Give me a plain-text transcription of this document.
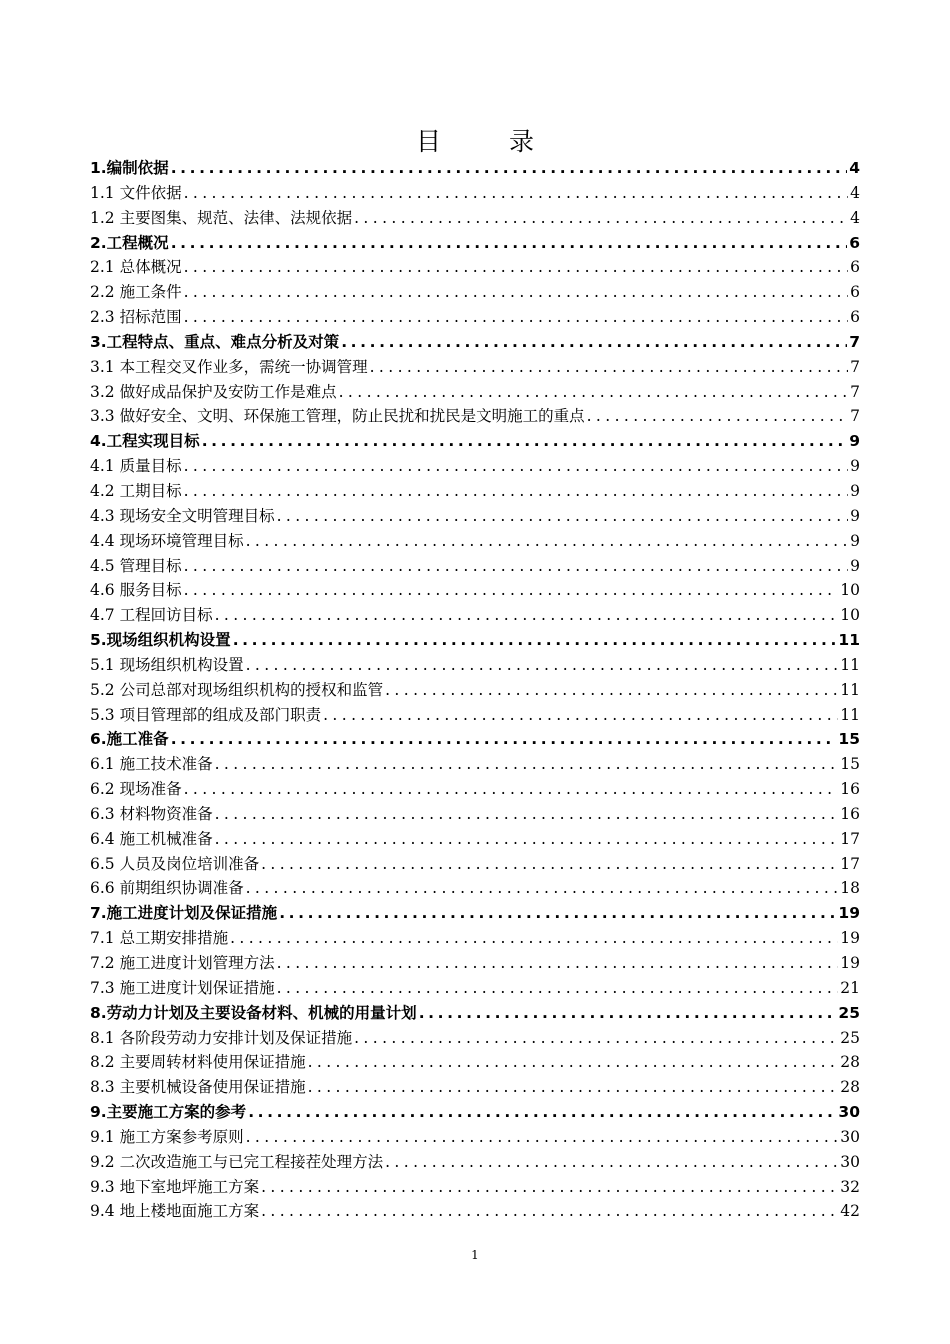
目 录
1.编制依据 .....	4
1.1 文件依据 .....	4
1.2 主要图集、规范、法律、法规依据 .....	4
2.工程概况 .....	6
2.1 总体概况 .....	6
2.2 施工条件 .....	6
2.3 招标范围 .....	6
3.工程特点、重点、难点分析及对策 .....	7
3.1 本工程交叉作业多，需统一协调管理 .....	7
3.2 做好成品保护及安防工作是难点 .....	7
3.3 做好安全、文明、环保施工管理，防止民扰和扰民是文明施工的重点 .....	7
4.工程实现目标 .....	9
4.1 质量目标 .....	9
4.2 工期目标 .....	9
4.3 现场安全文明管理目标 .....	9
4.4 现场环境管理目标 .....	9
4.5 管理目标 .....	9
4.6 服务目标 .....	10
4.7 工程回访目标 .....	10
5.现场组织机构设置 .....	11
5.1 现场组织机构设置 .....	11
5.2 公司总部对现场组织机构的授权和监管 .....	11
5.3 项目管理部的组成及部门职责 .....	11
6.施工准备 .....	15
6.1 施工技术准备 .....	15
6.2 现场准备 .....	16
6.3 材料物资准备 .....	16
6.4 施工机械准备 .....	17
6.5 人员及岗位培训准备 .....	17
6.6 前期组织协调准备 .....	18
7.施工进度计划及保证措施 .....	19
7.1 总工期安排措施 .....	19
7.2 施工进度计划管理方法 .....	19
7.3 施工进度计划保证措施 .....	21
8.劳动力计划及主要设备材料、机械的用量计划 .....	25
8.1 各阶段劳动力安排计划及保证措施 .....	25
8.2 主要周转材料使用保证措施 .....	28
8.3 主要机械设备使用保证措施 .....	28
9.主要施工方案的参考 .....	30
9.1 施工方案参考原则 .....	30
9.2 二次改造施工与已完工程接茬处理方法 .....	30
9.3 地下室地坪施工方案 .....	32
9.4 地上楼地面施工方案 .....	42
1
